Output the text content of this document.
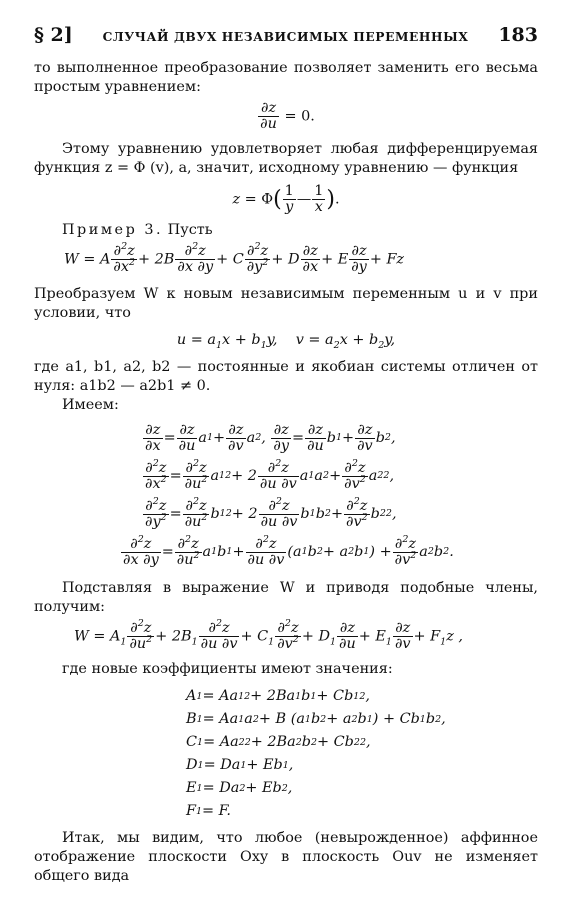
§ 2] СЛУЧАЙ ДВУХ НЕЗАВИСИМЫХ ПЕРЕМЕННЫХ 183

то выполненное преобразование позволяет заменить его весьма простым уравнением:

$\frac{\partial z}{\partial u} = 0$.

Этому уравнению удовлетворяет любая дифференцируемая функция z = Φ (v), а, значит, исходному уравнению — функция

$z = \Phi( \frac{1}{y}$ — $\frac{1}{x}$ ).

Пример 3. Пусть

W = A $\frac{\partial^2z}{\partial x^2} + 2B \frac{\partial^2z}{\partial x \partial y} + C \frac{\partial^2z}{\partial y^2} + D \frac{\partial z}{\partial x} + E \frac{\partial z}{\partial y} + Fz$

Преобразуем W к новым независимым переменным u и v при условии, что

$u = a_1x + b_1y$,    $v = a_2x + b_2y$,

где a1, b1, a2, b2 — постоянные и якобиан системы отличен от нуля: a1b2 — a2b1 ≠ 0.

Имеем:

$\frac{\partial z}{\partial x} = \frac{\partial z}{\partial u}$ a $1 + \frac{\partial z}{\partial v}$ a 2 , $\frac{\partial z}{\partial y} = \frac{\partial z}{\partial u}$ b $1 + \frac{\partial z}{\partial v}$ b 2 ,
$\frac{\partial^2z}{\partial x^2} = \frac{\partial^2z}{\partial u^2}$ a 1 $2 + 2 \frac{\partial^2z}{\partial u \partial v}$ a 1 a $2 + \frac{\partial^2z}{\partial v^2}$ a 2 2 ,
$\frac{\partial^2z}{\partial y^2} = \frac{\partial^2z}{\partial u^2}$ b 1 $2 + 2 \frac{\partial^2z}{\partial u \partial v}$ b 1 b $2 + \frac{\partial^2z}{\partial v^2}$ b 2 2 ,
$\frac{\partial^2z}{\partial x \partial y} = \frac{\partial^2z}{\partial u^2}$ a 1 b $1 + \frac{\partial^2z}{\partial u \partial v} (a$ 1 b 2 + a 2 b 1 ) + $\frac{\partial^2z}{\partial v^2}$ a 2 b 2 .

Подставляя в выражение W и приводя подобные члены, получим:

$W = A_1 \frac{\partial^2z}{\partial u^2} + 2B_1 \frac{\partial^2z}{\partial u \partial v} + C_1 \frac{\partial^2z}{\partial v^2} + D_1 \frac{\partial z}{\partial u} + E_1 \frac{\partial z}{\partial v} + F_1z$ ,

где новые коэффициенты имеют значения:

A 1 = Aa 1 2 + 2Ba 1 b 1 + Cb 1 2 ,
B 1 = Aa 1 a 2 + B (a 1 b 2 + a 2 b 1 ) + Cb 1 b 2 ,
C 1 = Aa 2 2 + 2Ba 2 b 2 + Cb 2 2 ,
D 1 = Da 1 + Eb 1 ,
E 1 = Da 2 + Eb 2 ,
F 1 = F.

Итак, мы видим, что любое (невырожденное) аффинное отображение плоскости Oxy в плоскость Ouv не изменяет общего вида
